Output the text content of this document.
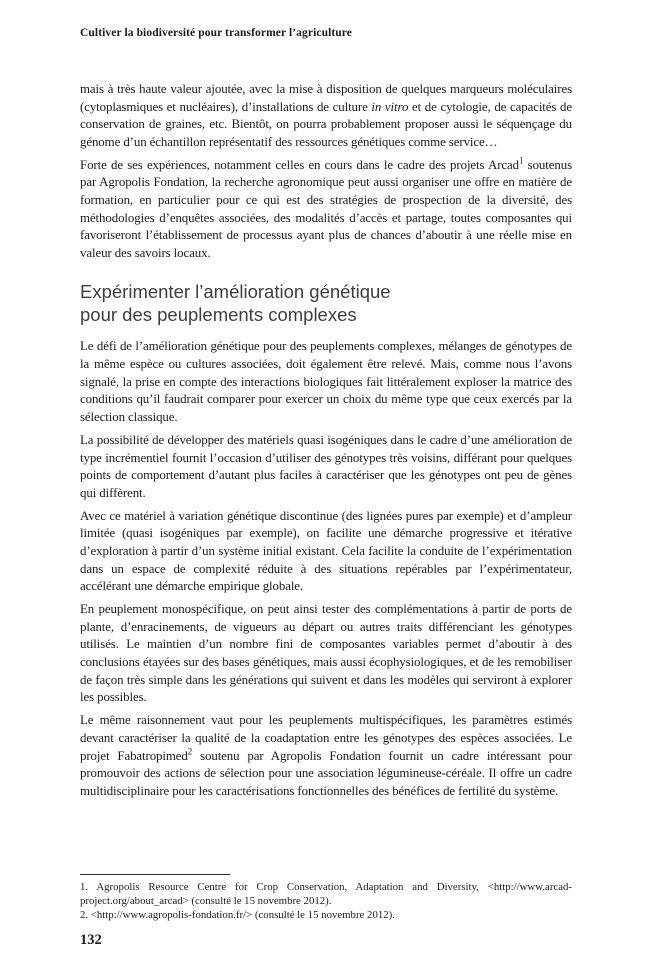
Cultiver la biodiversité pour transformer l’agriculture

mais à très haute valeur ajoutée, avec la mise à disposition de quelques marqueurs moléculaires (cytoplasmiques et nucléaires), d’installations de culture in vitro et de cytologie, de capacités de conservation de graines, etc. Bientôt, on pourra probablement proposer aussi le séquençage du génome d’un échantillon représentatif des ressources génétiques comme service…

Forte de ses expériences, notamment celles en cours dans le cadre des projets Arcad$^1$ soutenus par Agropolis Fondation, la recherche agronomique peut aussi organiser une offre en matière de formation, en particulier pour ce qui est des stratégies de prospection de la diversité, des méthodologies d’enquêtes associées, des modalités d’accès et partage, toutes composantes qui favoriseront l’établissement de processus ayant plus de chances d’aboutir à une réelle mise en valeur des savoirs locaux.

Expérimenter l’amélioration génétique
pour des peuplements complexes

Le défi de l’amélioration génétique pour des peuplements complexes, mélanges de génotypes de la même espèce ou cultures associées, doit également être relevé. Mais, comme nous l’avons signalé, la prise en compte des interactions biologiques fait littéralement exploser la matrice des conditions qu’il faudrait comparer pour exercer un choix du même type que ceux exercés par la sélection classique.

La possibilité de développer des matériels quasi isogéniques dans le cadre d’une amélioration de type incrémentiel fournit l’occasion d’utiliser des génotypes très voisins, différant pour quelques points de comportement d’autant plus faciles à caractériser que les génotypes ont peu de gènes qui diffèrent.

Avec ce matériel à variation génétique discontinue (des lignées pures par exemple) et d’ampleur limitée (quasi isogéniques par exemple), on facilite une démarche progressive et itérative d’exploration à partir d’un système initial existant. Cela facilite la conduite de l’expérimentation dans un espace de complexité réduite à des situations repérables par l’expérimentateur, accélérant une démarche empirique globale.

En peuplement monospécifique, on peut ainsi tester des complémentations à partir de ports de plante, d’enracinements, de vigueurs au départ ou autres traits différenciant les génotypes utilisés. Le maintien d’un nombre fini de composantes variables permet d’aboutir à des conclusions étayées sur des bases génétiques, mais aussi écophysiologiques, et de les remobiliser de façon très simple dans les générations qui suivent et dans les modèles qui serviront à explorer les possibles.

Le même raisonnement vaut pour les peuplements multispécifiques, les paramètres estimés devant caractériser la qualité de la coadaptation entre les génotypes des espèces associées. Le projet Fabatropimed$^2$ soutenu par Agropolis Fondation fournit un cadre intéressant pour promouvoir des actions de sélection pour une association légumineuse-céréale. Il offre un cadre multidisciplinaire pour les caractérisations fonctionnelles des bénéfices de fertilité du système.

1. Agropolis Resource Centre for Crop Conservation, Adaptation and Diversity, <http://www.arcad-project.org/about_arcad> (consulté le 15 novembre 2012).

2. <http://www.agropolis-fondation.fr/> (consulté le 15 novembre 2012).

132
